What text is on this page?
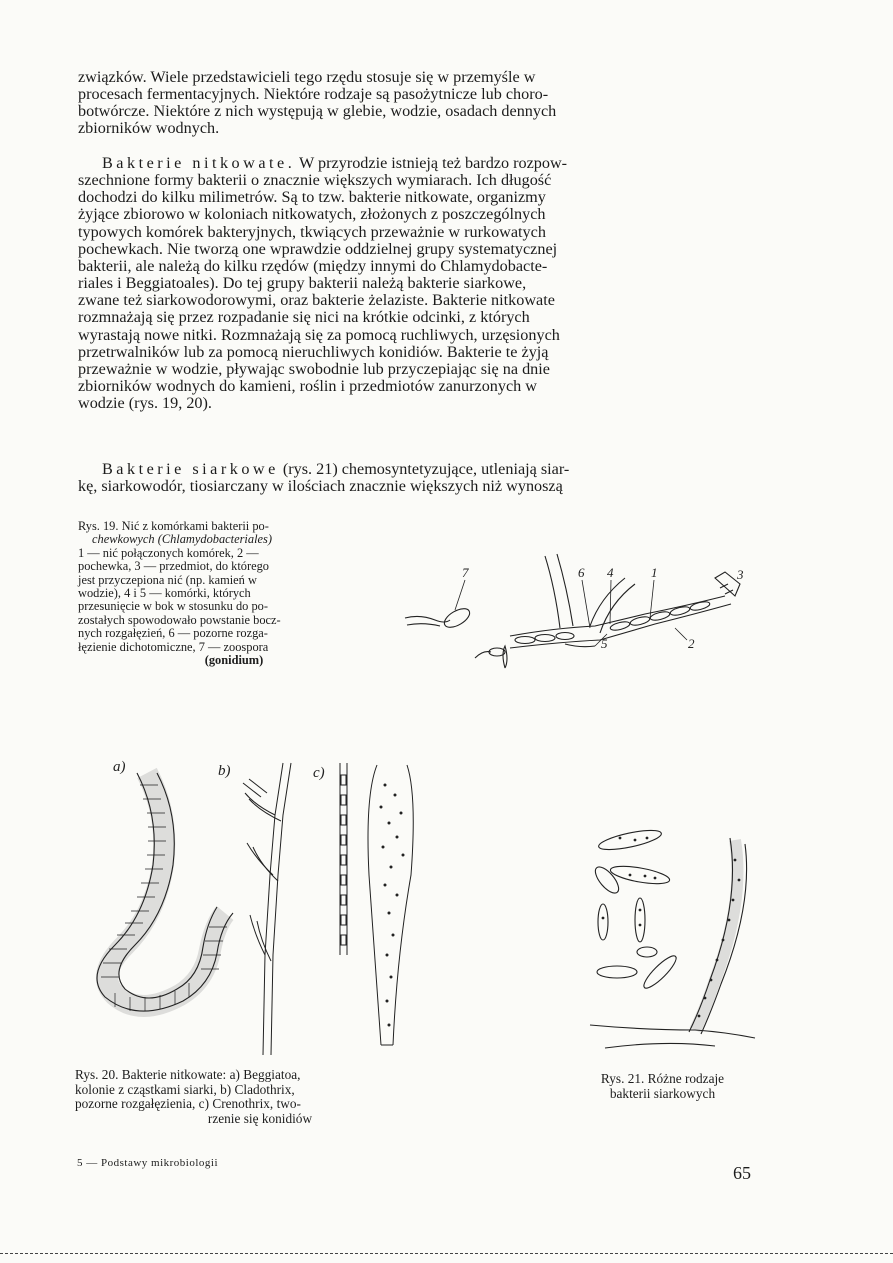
związków. Wiele przedstawicieli tego rzędu stosuje się w przemyśle w
procesach fermentacyjnych. Niektóre rodzaje są pasożytnicze lub choro-
botwórcze. Niektóre z nich występują w glebie, wodzie, osadach dennych
zbiorników wodnych.
Bakterie nitkowate. W przyrodzie istnieją też bardzo rozpow-
szechnione formy bakterii o znacznie większych wymiarach. Ich długość
dochodzi do kilku milimetrów. Są to tzw. bakterie nitkowate, organizmy
żyjące zbiorowo w koloniach nitkowatych, złożonych z poszczególnych
typowych komórek bakteryjnych, tkwiących przeważnie w rurkowatych
pochewkach. Nie tworzą one wprawdzie oddzielnej grupy systematycznej
bakterii, ale należą do kilku rzędów (między innymi do Chlamydobacte-
riales i Beggiatoales). Do tej grupy bakterii należą bakterie siarkowe,
zwane też siarkowodorowymi, oraz bakterie żelaziste. Bakterie nitkowate
rozmnażają się przez rozpadanie się nici na krótkie odcinki, z których
wyrastają nowe nitki. Rozmnażają się za pomocą ruchliwych, urzęsionych
przetrwalników lub za pomocą nieruchliwych konidiów. Bakterie te żyją
przeważnie w wodzie, pływając swobodnie lub przyczepiając się na dnie
zbiorników wodnych do kamieni, roślin i przedmiotów zanurzonych w
wodzie (rys. 19, 20).
Bakterie siarkowe (rys. 21) chemosyntetyzujące, utleniają siar-
kę, siarkowodór, tiosiarczany w ilościach znacznie większych niż wynoszą
Rys. 19. Nić z komórkami bakterii po-
chewkowych (Chlamydobacteriales)
1 — nić połączonych komórek, 2 —
pochewka, 3 — przedmiot, do którego
jest przyczepiona nić (np. kamień w
wodzie), 4 i 5 — komórki, których
przesunięcie w bok w stosunku do po-
zostałych spowodowało powstanie bocz-
nych rozgałęzień, 6 — pozorne rozga-
łęzienie dichotomiczne, 7 — zoospora
(gonidium)
7	6 4	1	3
5	2
a)	b)	c)
Rys. 20. Bakterie nitkowate: a) Beggiatoa,
kolonie z cząstkami siarki, b) Cladothrix,
pozorne rozgałęzienia, c) Crenothrix, two-
rzenie się konidiów
Rys. 21. Różne rodzaje
bakterii siarkowych
5 — Podstawy mikrobiologii	65
